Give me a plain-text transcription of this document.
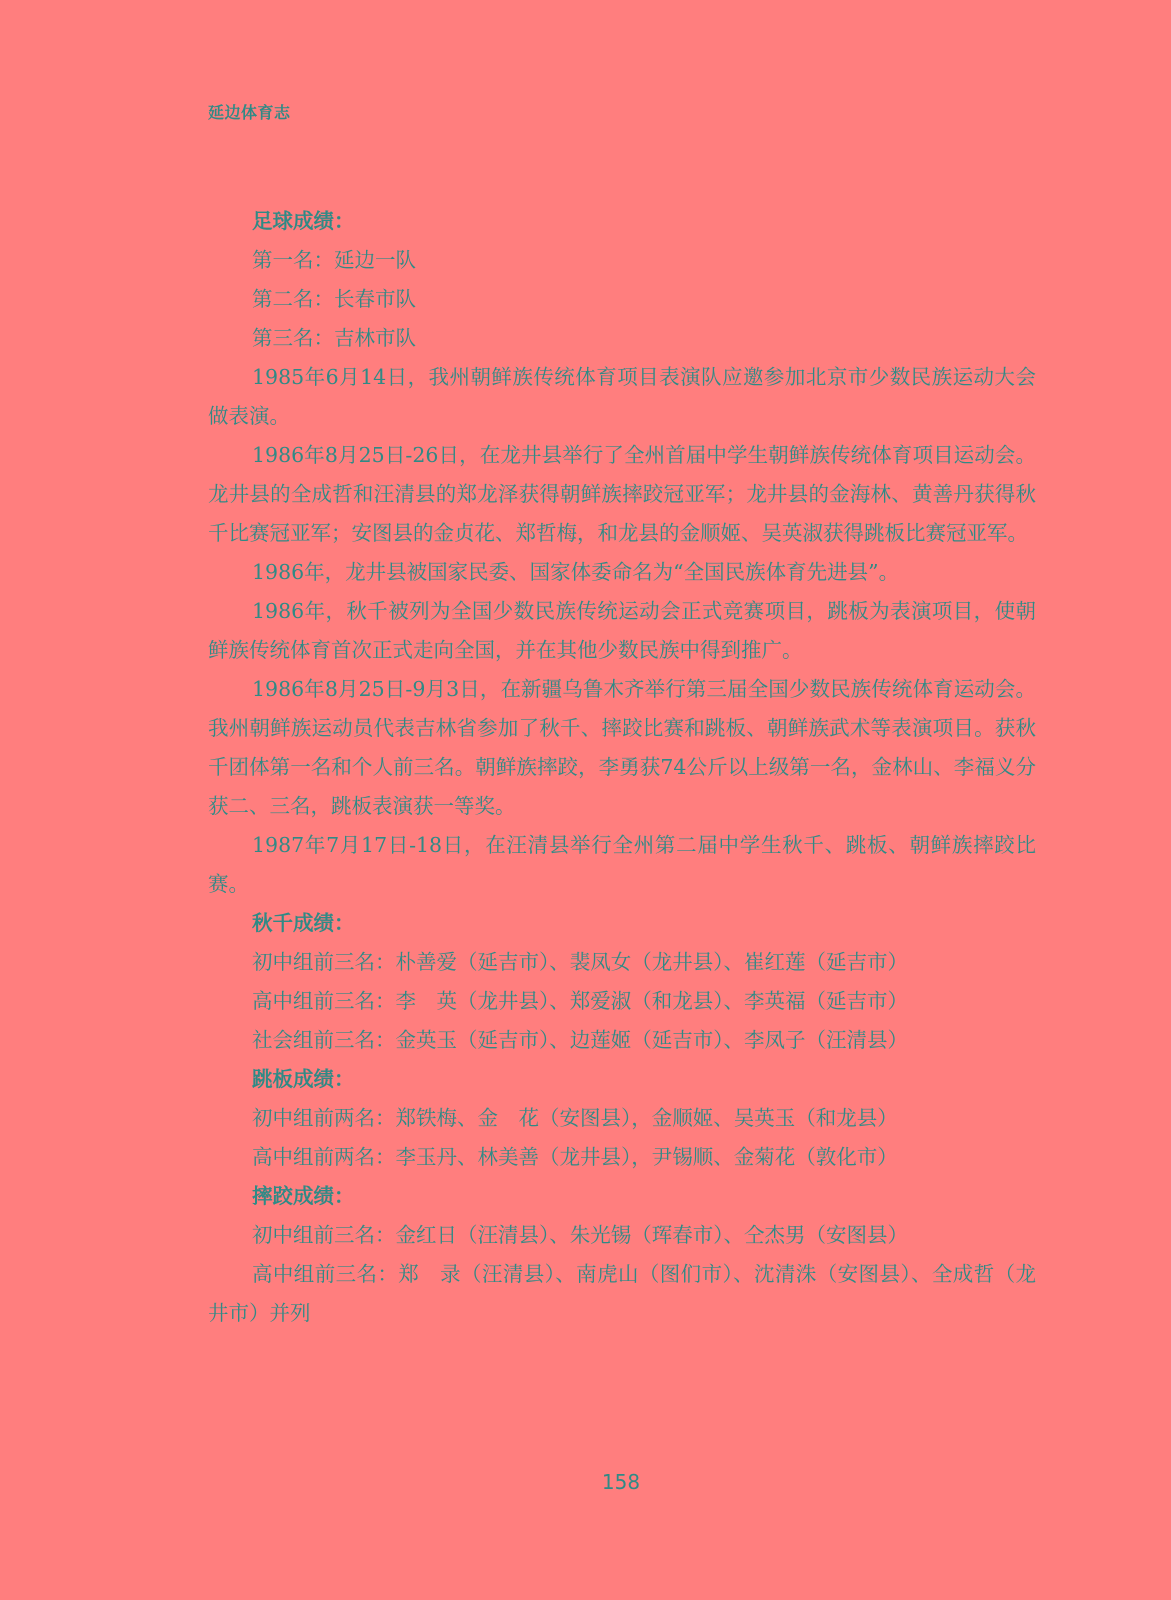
延边体育志

足球成绩：

第一名：延边一队

第二名：长春市队

第三名：吉林市队

1985年6月14日，我州朝鲜族传统体育项目表演队应邀参加北京市少数民族运动大会做表演。

1986年8月25日-26日，在龙井县举行了全州首届中学生朝鲜族传统体育项目运动会。龙井县的全成哲和汪清县的郑龙泽获得朝鲜族摔跤冠亚军；龙井县的金海林、黄善丹获得秋千比赛冠亚军；安图县的金贞花、郑哲梅，和龙县的金顺姬、吴英淑获得跳板比赛冠亚军。

1986年，龙井县被国家民委、国家体委命名为“全国民族体育先进县”。

1986年，秋千被列为全国少数民族传统运动会正式竞赛项目，跳板为表演项目，使朝鲜族传统体育首次正式走向全国，并在其他少数民族中得到推广。

1986年8月25日-9月3日，在新疆乌鲁木齐举行第三届全国少数民族传统体育运动会。我州朝鲜族运动员代表吉林省参加了秋千、摔跤比赛和跳板、朝鲜族武术等表演项目。获秋千团体第一名和个人前三名。朝鲜族摔跤，李勇获74公斤以上级第一名，金林山、李福义分获二、三名，跳板表演获一等奖。

1987年7月17日-18日，在汪清县举行全州第二届中学生秋千、跳板、朝鲜族摔跤比赛。

秋千成绩：

初中组前三名：朴善爱（延吉市）、裴凤女（龙井县）、崔红莲（延吉市）

高中组前三名：李　英（龙井县）、郑爱淑（和龙县）、李英福（延吉市）

社会组前三名：金英玉（延吉市）、边莲姬（延吉市）、李凤子（汪清县）

跳板成绩：

初中组前两名：郑铁梅、金　花（安图县），金顺姬、吴英玉（和龙县）

高中组前两名：李玉丹、林美善（龙井县），尹锡顺、金菊花（敦化市）

摔跤成绩：

初中组前三名：金红日（汪清县）、朱光锡（珲春市）、仝杰男（安图县）

高中组前三名：郑　录（汪清县）、南虎山（图们市）、沈清洙（安图县）、全成哲（龙井市）并列

158
